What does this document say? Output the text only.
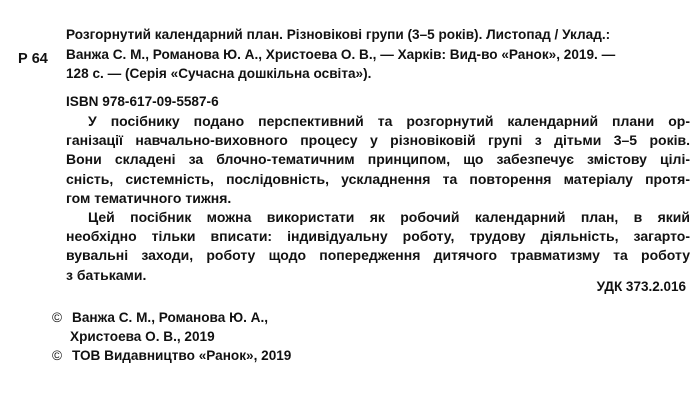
Р 64
Розгорнутий календарний план. Різновікові групи (3–5 років). Листопад / Уклад.:
Ванжа С. М., Романова Ю. А., Христоева О. В., — Харків: Вид-во «Ранок», 2019. —
128 с. — (Серія «Сучасна дошкільна освіта»).
ISBN 978-617-09-5587-6
У посібнику подано перспективний та розгорнутий календарний плани ор-
ганізації навчально-виховного процесу у різновіковій групі з дітьми 3–5 років.
Вони складені за блочно-тематичним принципом, що забезпечує змістову цілі-
сність, системність, послідовність, ускладнення та повторення матеріалу протя-
гом тематичного тижня.
Цей посібник можна використати як робочий календарний план, в який
необхідно тільки вписати: індивідуальну роботу, трудову діяльність, загарто-
вувальні заходи, роботу щодо попередження дитячого травматизму та роботу
з батьками.
УДК 373.2.016
© Ванжа С. М., Романова Ю. А.,
Христоева О. В., 2019
© ТОВ Видавництво «Ранок», 2019
